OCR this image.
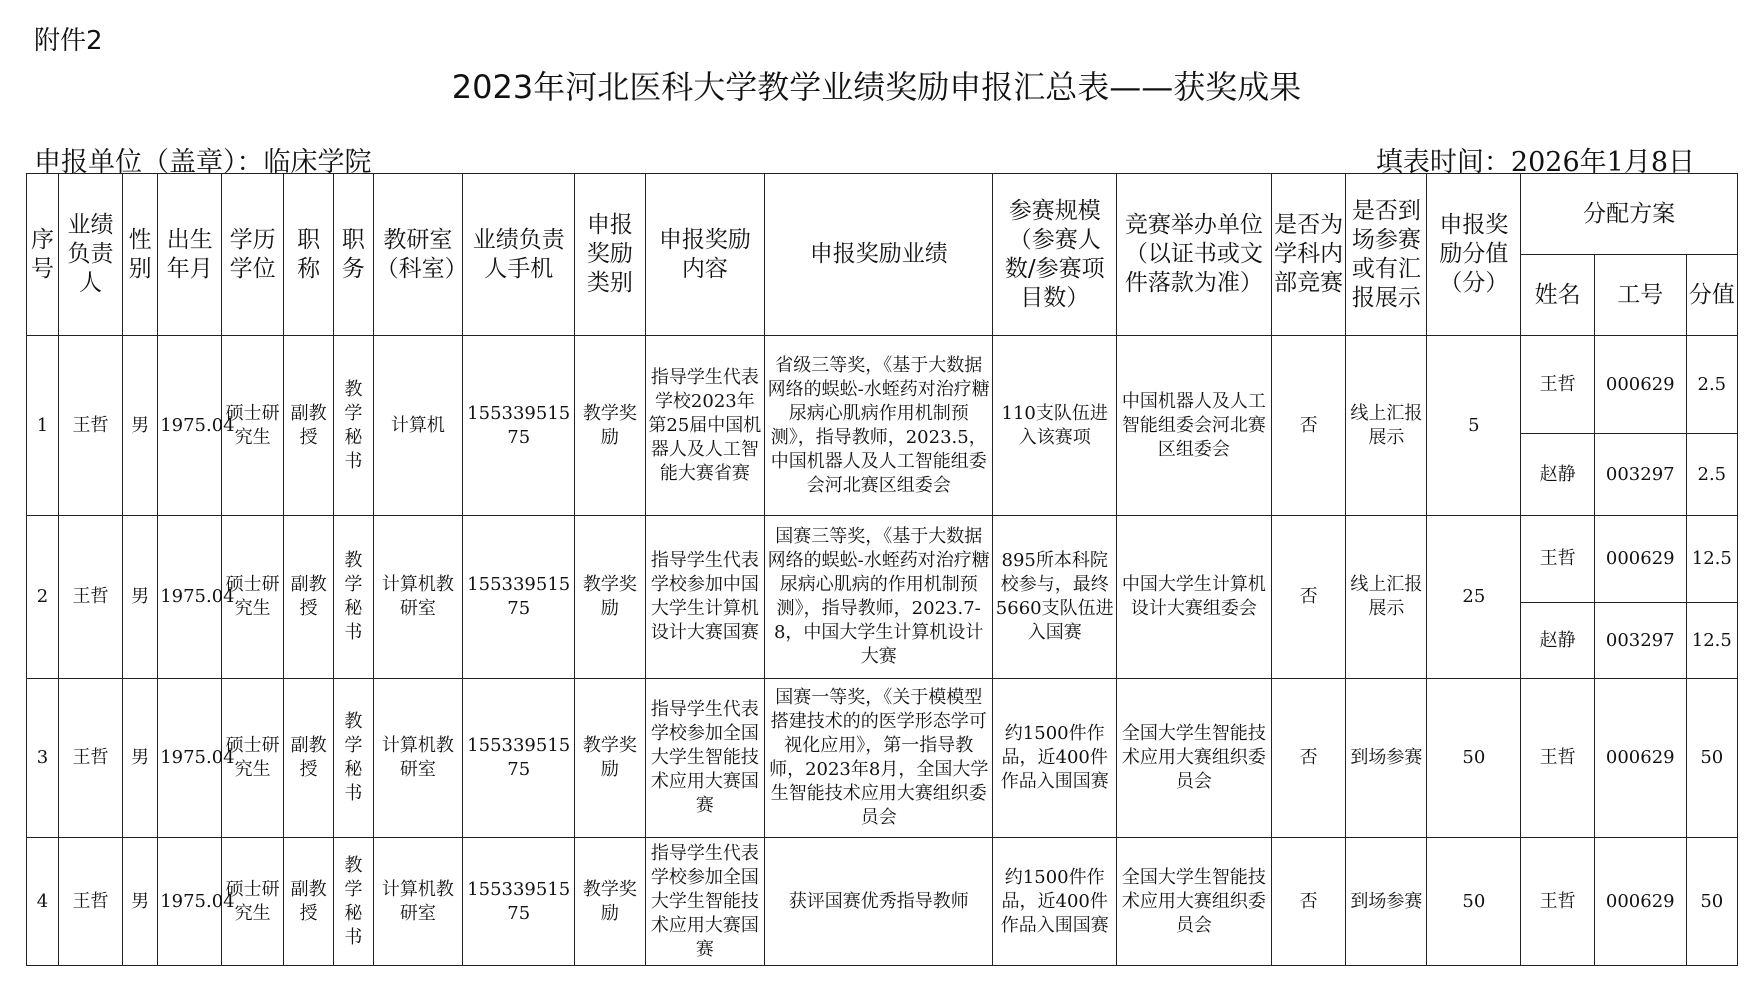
附件2
2023年河北医科大学教学业绩奖励申报汇总表——获奖成果
申报单位（盖章）：临床学院	填表时间：2026年1月8日
序号	业绩负责人	性别	出生年月	学历学位	职称	职务	教研室（科室）	业绩负责人手机	申报奖励类别	申报奖励内容	申报奖励业绩	参赛规模（参赛人数/参赛项目数）	竞赛举办单位（以证书或文件落款为准）	是否为学科内部竞赛	是否到场参赛或有汇报展示	申报奖励分值（分）	分配方案		
																	姓名	工号	分值
1	王哲	男	1975.04	硕士研究生	副教授	教学秘书	计算机	15533951575	教学奖励	指导学生代表学校2023年第25届中国机器人及人工智能大赛省赛	省级三等奖，《基于大数据网络的蜈蚣-水蛭药对治疗糖尿病心肌病作用机制预测》，指导教师，2023.5，中国机器人及人工智能组委会河北赛区组委会	110支队伍进入该赛项	中国机器人及人工智能组委会河北赛区组委会	否	线上汇报展示	5	王哲	000629	2.5
																	赵静	003297	2.5
2	王哲	男	1975.04	硕士研究生	副教授	教学秘书	计算机教研室	15533951575	教学奖励	指导学生代表学校参加中国大学生计算机设计大赛国赛	国赛三等奖，《基于大数据网络的蜈蚣-水蛭药对治疗糖尿病心肌病的作用机制预测》，指导教师，2023.7-8，中国大学生计算机设计大赛	895所本科院校参与，最终5660支队伍进入国赛	中国大学生计算机设计大赛组委会	否	线上汇报展示	25	王哲	000629	12.5
																	赵静	003297	12.5
3	王哲	男	1975.04	硕士研究生	副教授	教学秘书	计算机教研室	15533951575	教学奖励	指导学生代表学校参加全国大学生智能技术应用大赛国赛	国赛一等奖，《关于模模型搭建技术的的医学形态学可视化应用》，第一指导教师，2023年8月，全国大学生智能技术应用大赛组织委员会	约1500件作品，近400件作品入围国赛	全国大学生智能技术应用大赛组织委员会	否	到场参赛	50	王哲	000629	50
4	王哲	男	1975.04	硕士研究生	副教授	教学秘书	计算机教研室	15533951575	教学奖励	指导学生代表学校参加全国大学生智能技术应用大赛国赛	获评国赛优秀指导教师	约1500件作品，近400件作品入围国赛	全国大学生智能技术应用大赛组织委员会	否	到场参赛	50	王哲	000629	50
